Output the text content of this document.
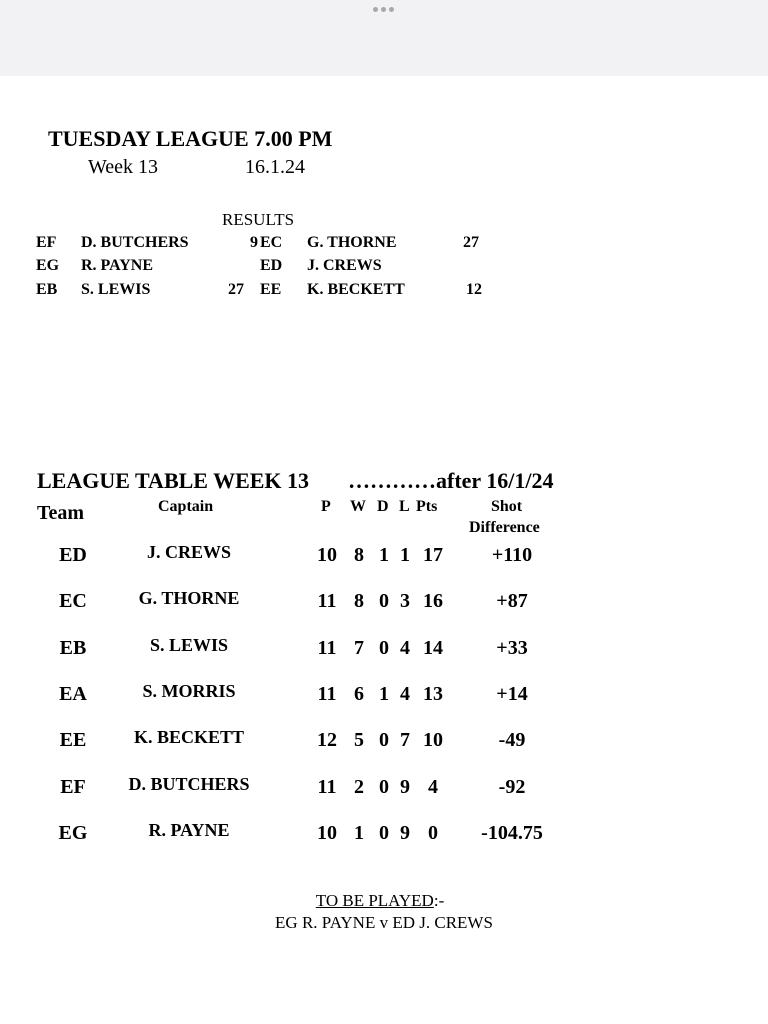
TUESDAY LEAGUE 7.00 PM
Week 13	16.1.24
RESULTS
EF D. BUTCHERS	9 EC G. THORNE	27
EG R. PAYNE	ED J. CREWS
EB S. LEWIS	27 EE K. BECKETT	12
LEAGUE TABLE WEEK 13 …………after 16/1/24
Team	Captain	P W D L Pts	Shot
Difference
ED	J. CREWS	10 8 1 1 17	+110
EC	G. THORNE	11 8 0 3 16	+87
EB	S. LEWIS	11 7 0 4 14	+33
EA	S. MORRIS	11 6 1 4 13	+14
EE	K. BECKETT	12 5 0 7 10	-49
EF	D. BUTCHERS	11 2 0 9 4	-92
EG	R. PAYNE	10 1 0 9 0	-104.75
TO BE PLAYED:-
EG R. PAYNE v ED J. CREWS
